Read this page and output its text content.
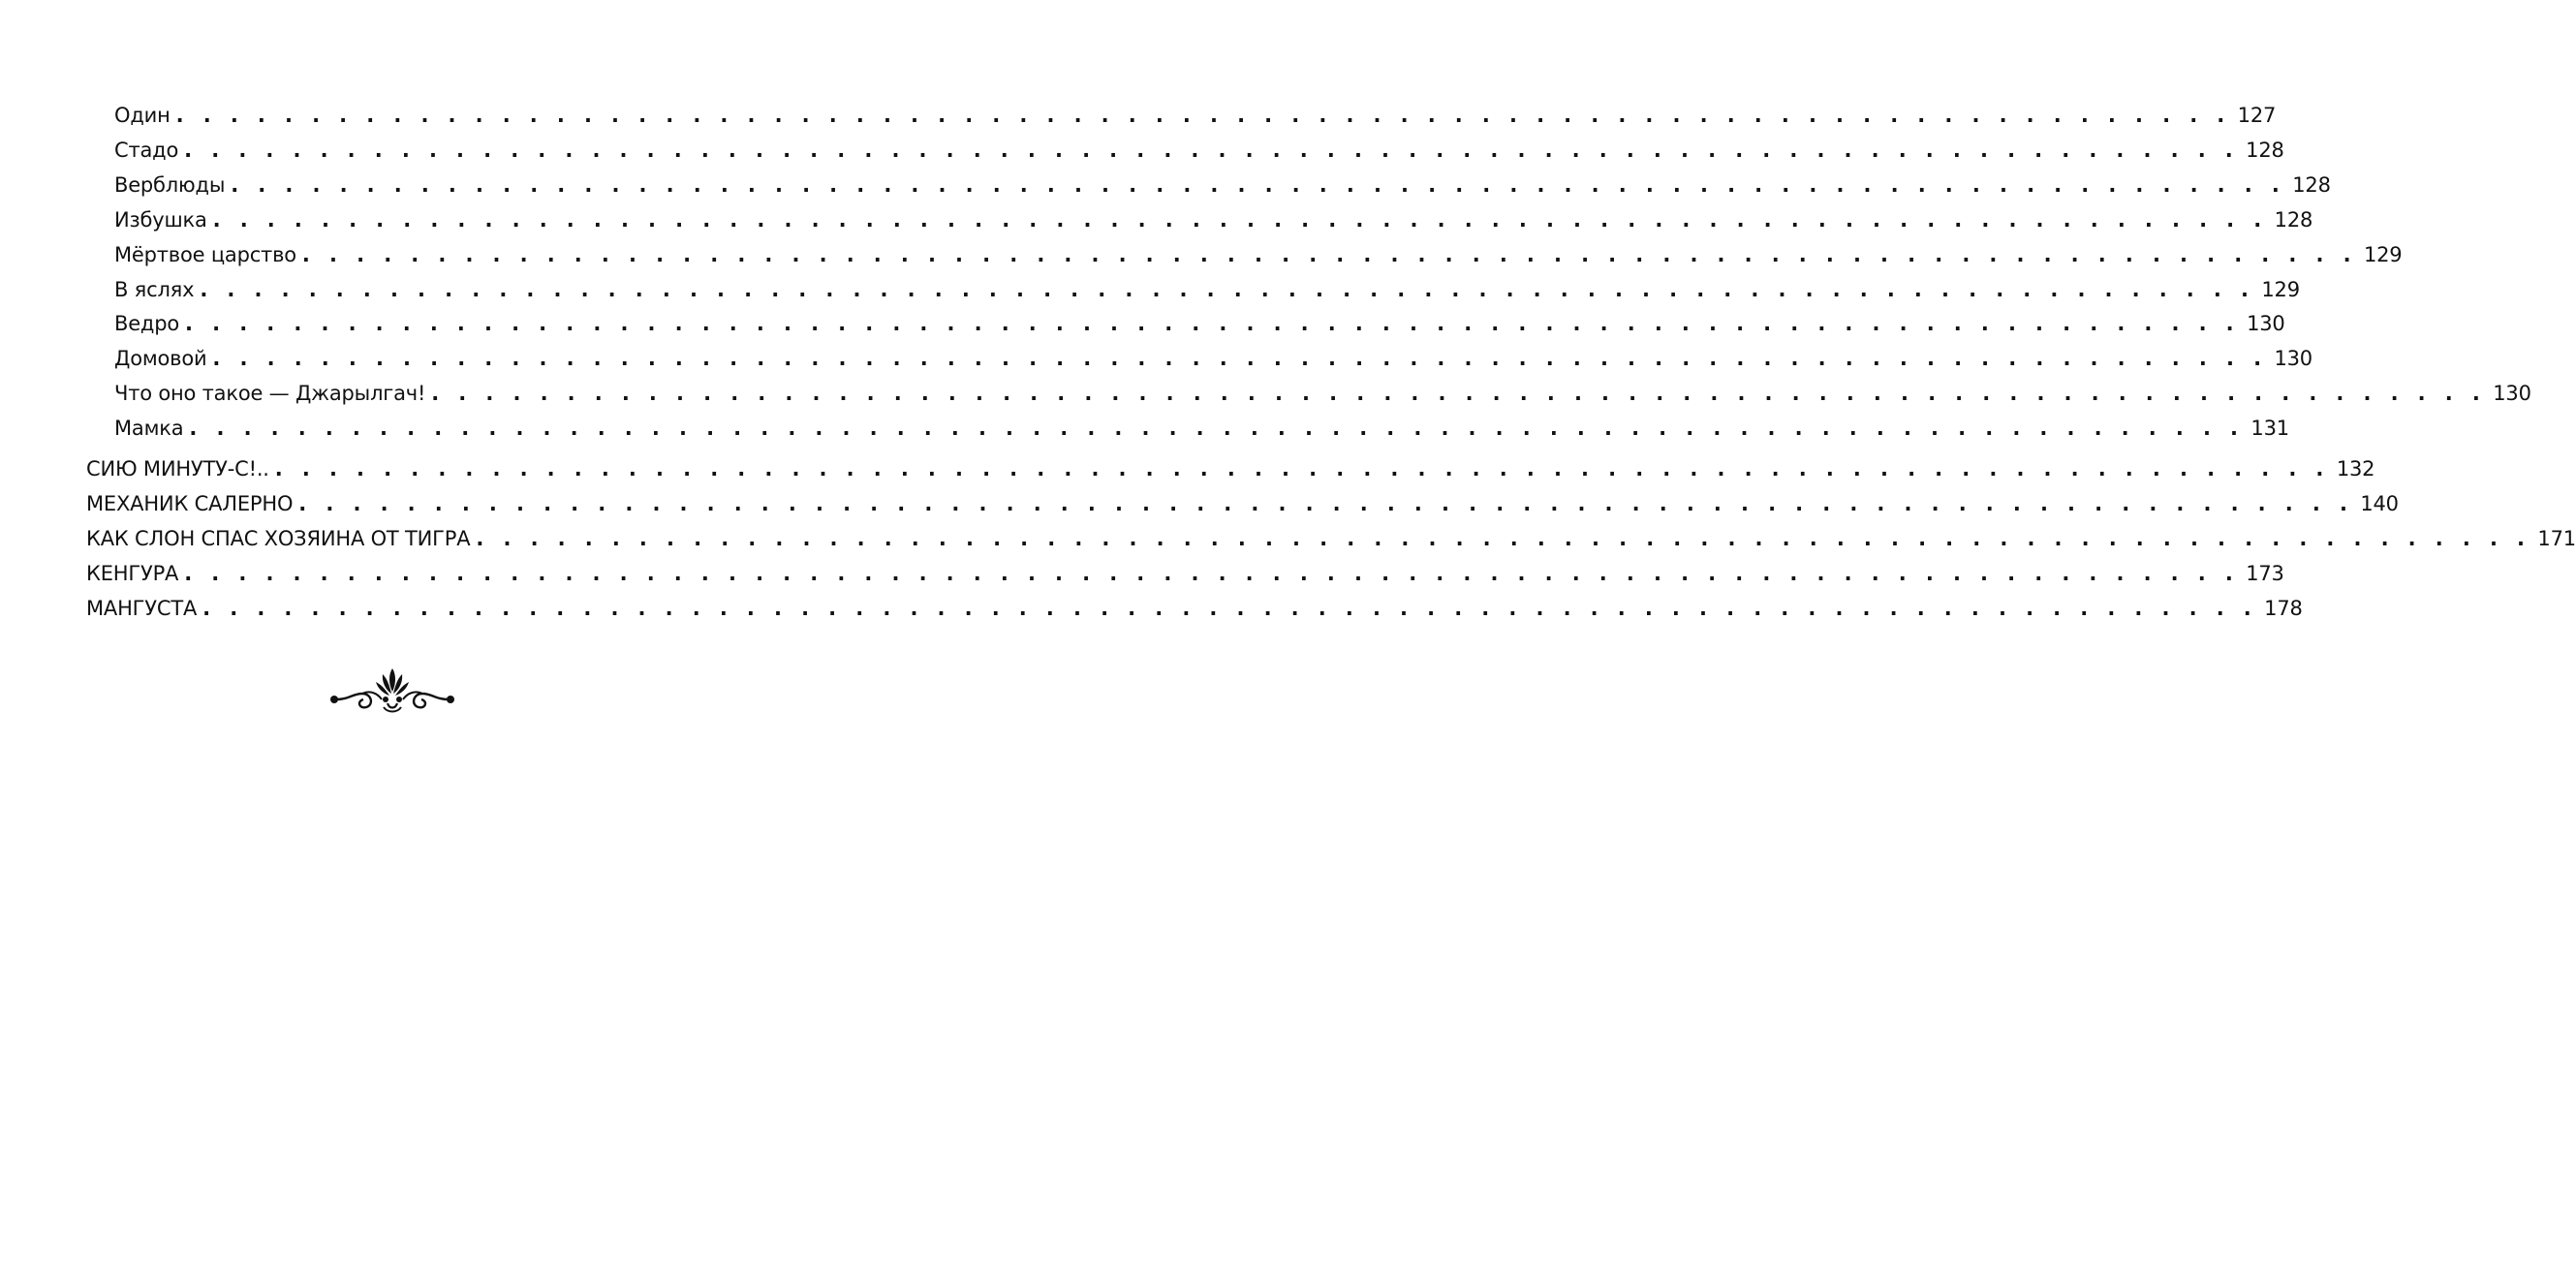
Один . . . . . . . . . . . . . . . . . . . . . . . . . . . . . . . . . . . . . . . . . . . . . . . . . . . . . . . . . . . . . . . . . . . . . . . . . . . . 127
Стадо . . . . . . . . . . . . . . . . . . . . . . . . . . . . . . . . . . . . . . . . . . . . . . . . . . . . . . . . . . . . . . . . . . . . . . . . . . . . 128
Верблюды . . . . . . . . . . . . . . . . . . . . . . . . . . . . . . . . . . . . . . . . . . . . . . . . . . . . . . . . . . . . . . . . . . . . . . . . . . . . 128
Избушка . . . . . . . . . . . . . . . . . . . . . . . . . . . . . . . . . . . . . . . . . . . . . . . . . . . . . . . . . . . . . . . . . . . . . . . . . . . . 128
Мёртвое царство . . . . . . . . . . . . . . . . . . . . . . . . . . . . . . . . . . . . . . . . . . . . . . . . . . . . . . . . . . . . . . . . . . . . . . . . . . . . 129
В яслях . . . . . . . . . . . . . . . . . . . . . . . . . . . . . . . . . . . . . . . . . . . . . . . . . . . . . . . . . . . . . . . . . . . . . . . . . . . . 129
Ведро . . . . . . . . . . . . . . . . . . . . . . . . . . . . . . . . . . . . . . . . . . . . . . . . . . . . . . . . . . . . . . . . . . . . . . . . . . . . 130
Домовой . . . . . . . . . . . . . . . . . . . . . . . . . . . . . . . . . . . . . . . . . . . . . . . . . . . . . . . . . . . . . . . . . . . . . . . . . . . . 130
Что оно такое — Джарылгач! . . . . . . . . . . . . . . . . . . . . . . . . . . . . . . . . . . . . . . . . . . . . . . . . . . . . . . . . . . . . . . . . . . . . . . . . . . . . 130
Мамка . . . . . . . . . . . . . . . . . . . . . . . . . . . . . . . . . . . . . . . . . . . . . . . . . . . . . . . . . . . . . . . . . . . . . . . . . . . . 131
СИЮ МИНУТУ-С!.. . . . . . . . . . . . . . . . . . . . . . . . . . . . . . . . . . . . . . . . . . . . . . . . . . . . . . . . . . . . . . . . . . . . . . . . . . . . . 132
МЕХАНИК САЛЕРНО . . . . . . . . . . . . . . . . . . . . . . . . . . . . . . . . . . . . . . . . . . . . . . . . . . . . . . . . . . . . . . . . . . . . . . . . . . . . 140
КАК СЛОН СПАС ХОЗЯИНА ОТ ТИГРА . . . . . . . . . . . . . . . . . . . . . . . . . . . . . . . . . . . . . . . . . . . . . . . . . . . . . . . . . . . . . . . . . . . . . . . . . . . . 171
КЕНГУРА . . . . . . . . . . . . . . . . . . . . . . . . . . . . . . . . . . . . . . . . . . . . . . . . . . . . . . . . . . . . . . . . . . . . . . . . . . . . 173
МАНГУСТА . . . . . . . . . . . . . . . . . . . . . . . . . . . . . . . . . . . . . . . . . . . . . . . . . . . . . . . . . . . . . . . . . . . . . . . . . . . . 178
